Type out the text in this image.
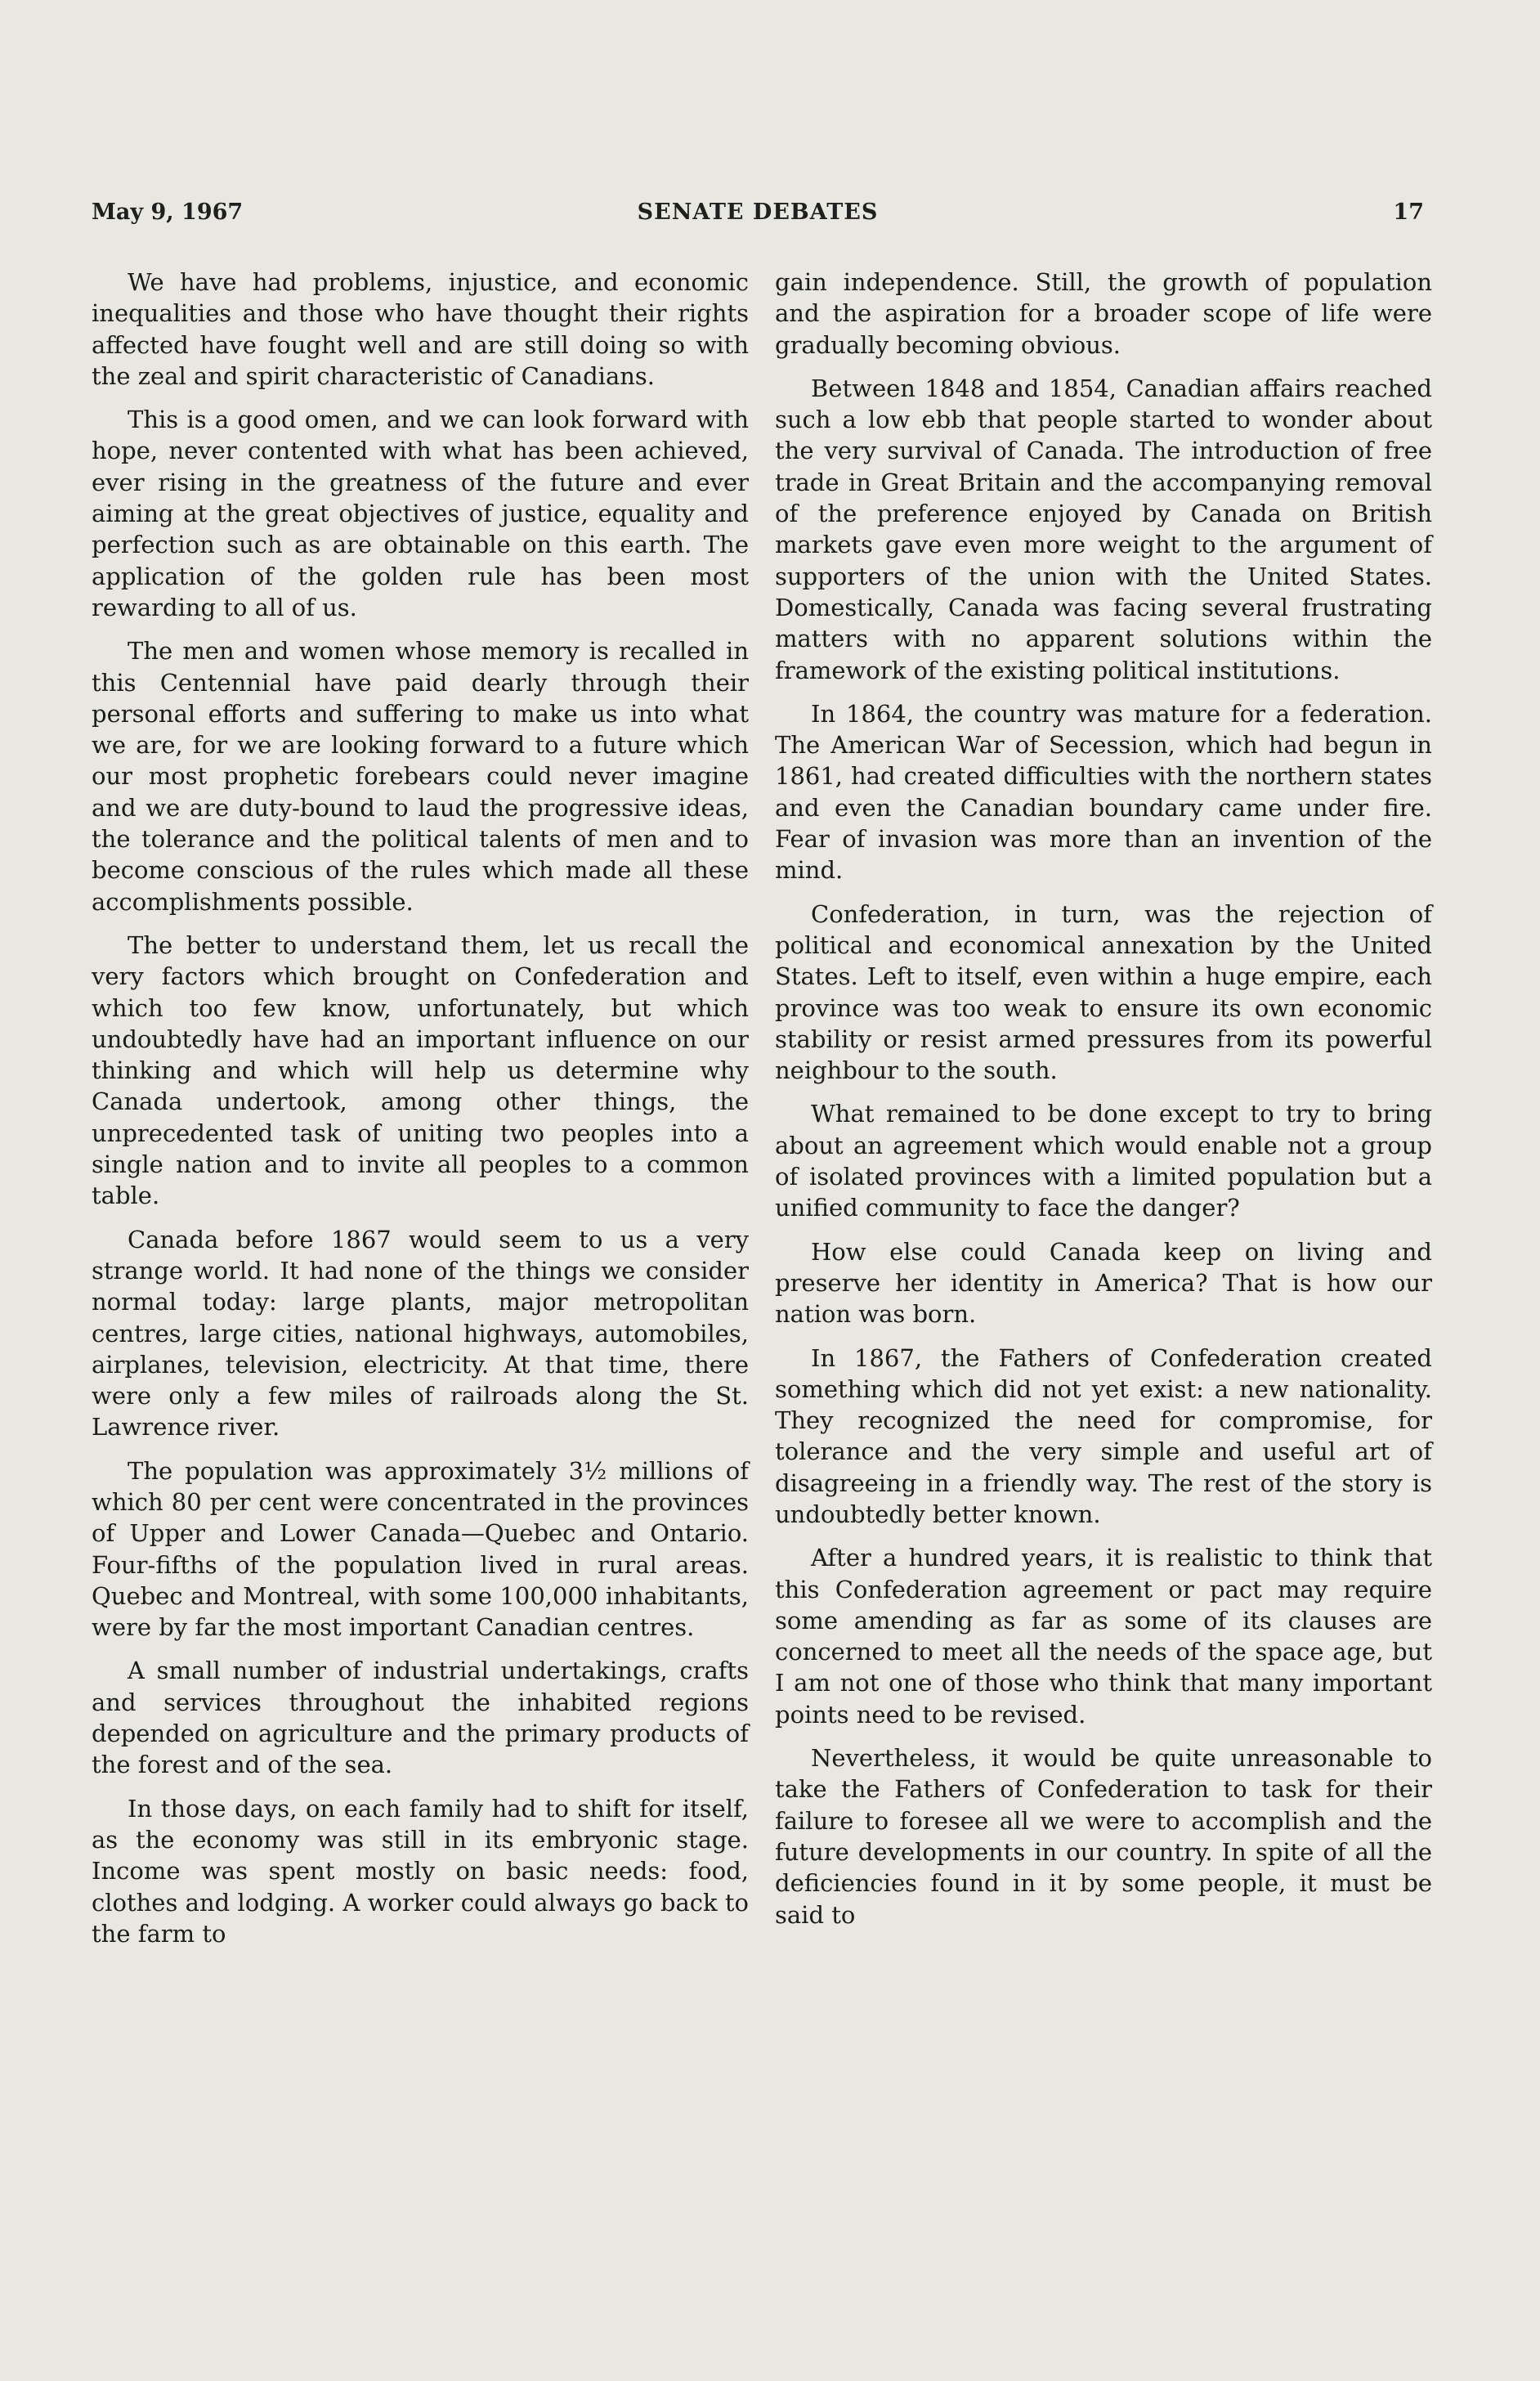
May 9, 1967	SENATE DEBATES	17

We have had problems, injustice, and economic inequalities and those who have thought their rights affected have fought well and are still doing so with the zeal and spirit characteristic of Canadians.

This is a good omen, and we can look forward with hope, never contented with what has been achieved, ever rising in the greatness of the future and ever aiming at the great objectives of justice, equality and perfection such as are obtainable on this earth. The application of the golden rule has been most rewarding to all of us.

The men and women whose memory is recalled in this Centennial have paid dearly through their personal efforts and suffering to make us into what we are, for we are looking forward to a future which our most prophetic forebears could never imagine and we are duty-bound to laud the progressive ideas, the tolerance and the political talents of men and to become conscious of the rules which made all these accomplishments possible.

The better to understand them, let us recall the very factors which brought on Confederation and which too few know, unfortunately, but which undoubtedly have had an important influence on our thinking and which will help us determine why Canada undertook, among other things, the unprecedented task of uniting two peoples into a single nation and to invite all peoples to a common table.

Canada before 1867 would seem to us a very strange world. It had none of the things we consider normal today: large plants, major metropolitan centres, large cities, national highways, automobiles, airplanes, television, electricity. At that time, there were only a few miles of railroads along the St. Lawrence river.

The population was approximately 3½ millions of which 80 per cent were concentrated in the provinces of Upper and Lower Canada—Quebec and Ontario. Four-fifths of the population lived in rural areas. Quebec and Montreal, with some 100,000 inhabitants, were by far the most important Canadian centres.

A small number of industrial undertakings, crafts and services throughout the inhabited regions depended on agriculture and the primary products of the forest and of the sea.

In those days, on each family had to shift for itself, as the economy was still in its embryonic stage. Income was spent mostly on basic needs: food, clothes and lodging. A worker could always go back to the farm to

gain independence. Still, the growth of population and the aspiration for a broader scope of life were gradually becoming obvious.

Between 1848 and 1854, Canadian affairs reached such a low ebb that people started to wonder about the very survival of Canada. The introduction of free trade in Great Britain and the accompanying removal of the preference enjoyed by Canada on British markets gave even more weight to the argument of supporters of the union with the United States. Domestically, Canada was facing several frustrating matters with no apparent solutions within the framework of the existing political institutions.

In 1864, the country was mature for a federation. The American War of Secession, which had begun in 1861, had created difficulties with the northern states and even the Canadian boundary came under fire. Fear of invasion was more than an invention of the mind.

Confederation, in turn, was the rejection of political and economical annexation by the United States. Left to itself, even within a huge empire, each province was too weak to ensure its own economic stability or resist armed pressures from its powerful neighbour to the south.

What remained to be done except to try to bring about an agreement which would enable not a group of isolated provinces with a limited population but a unified community to face the danger?

How else could Canada keep on living and preserve her identity in America? That is how our nation was born.

In 1867, the Fathers of Confederation created something which did not yet exist: a new nationality. They recognized the need for compromise, for tolerance and the very simple and useful art of disagreeing in a friendly way. The rest of the story is undoubtedly better known.

After a hundred years, it is realistic to think that this Confederation agreement or pact may require some amending as far as some of its clauses are concerned to meet all the needs of the space age, but I am not one of those who think that many important points need to be revised.

Nevertheless, it would be quite unreasonable to take the Fathers of Confederation to task for their failure to foresee all we were to accomplish and the future developments in our country. In spite of all the deficiencies found in it by some people, it must be said to
